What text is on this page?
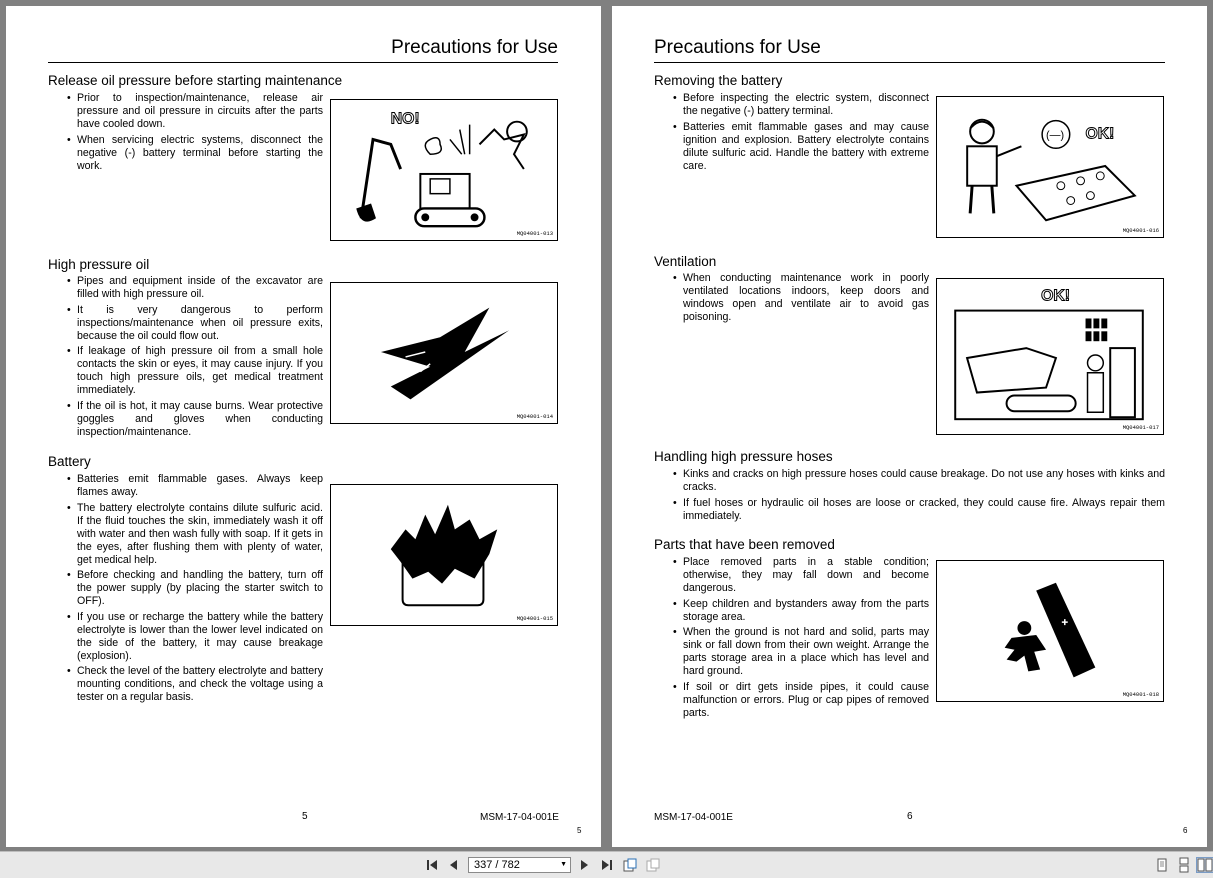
Precautions for Use
Release oil pressure before starting maintenance
• Prior to inspection/maintenance, release air pressure and oil pressure in circuits after the parts have cooled down.
• When servicing electric systems, disconnect the negative (-) battery terminal before starting the work.
NO!
MQ04001-013
High pressure oil
• Pipes and equipment inside of the excavator are filled with high pressure oil.
• It is very dangerous to perform inspections/maintenance when oil pressure exits, because the oil could flow out.
• If leakage of high pressure oil from a small hole contacts the skin or eyes, it may cause injury. If you touch high pressure oils, get medical treatment immediately.
• If the oil is hot, it may cause burns. Wear protective goggles and gloves when conducting inspection/maintenance.
MQ04001-014
Battery
• Batteries emit flammable gases. Always keep flames away.
• The battery electrolyte contains dilute sulfuric acid. If the fluid touches the skin, immediately wash it off with water and then wash fully with soap. If it gets in the eyes, after flushing them with plenty of water, get medical help.
• Before checking and handling the battery, turn off the power supply (by placing the starter switch to OFF).
• If you use or recharge the battery while the battery electrolyte is lower than the lower level indicated on the side of the battery, it may cause breakage (explosion).
• Check the level of the battery electrolyte and battery mounting conditions, and check the voltage using a tester on a regular basis.
MQ04001-015
5	MSM-17-04-001E
5
Precautions for Use
Removing the battery
• Before inspecting the electric system, disconnect the negative (-) battery terminal.
• Batteries emit flammable gases and may cause ignition and explosion. Battery electrolyte contains dilute sulfuric acid. Handle the battery with extreme care.
(—) OK!
MQ04001-016
Ventilation
• When conducting maintenance work in poorly ventilated locations indoors, keep doors and windows open and ventilate air to avoid gas poisoning.
OK!
MQ04001-017
Handling high pressure hoses
• Kinks and cracks on high pressure hoses could cause breakage. Do not use any hoses with kinks and cracks.
• If fuel hoses or hydraulic oil hoses are loose or cracked, they could cause fire. Always repair them immediately.
Parts that have been removed
• Place removed parts in a stable condition; otherwise, they may fall down and become dangerous.
• Keep children and bystanders away from the parts storage area.
• When the ground is not hard and solid, parts may sink or fall down from their own weight. Arrange the parts storage area in a place which has level and hard ground.
• If soil or dirt gets inside pipes, it could cause malfunction or errors. Plug or cap pipes of removed parts.
MQ04001-018
MSM-17-04-001E	6
6
337 / 782	▼
